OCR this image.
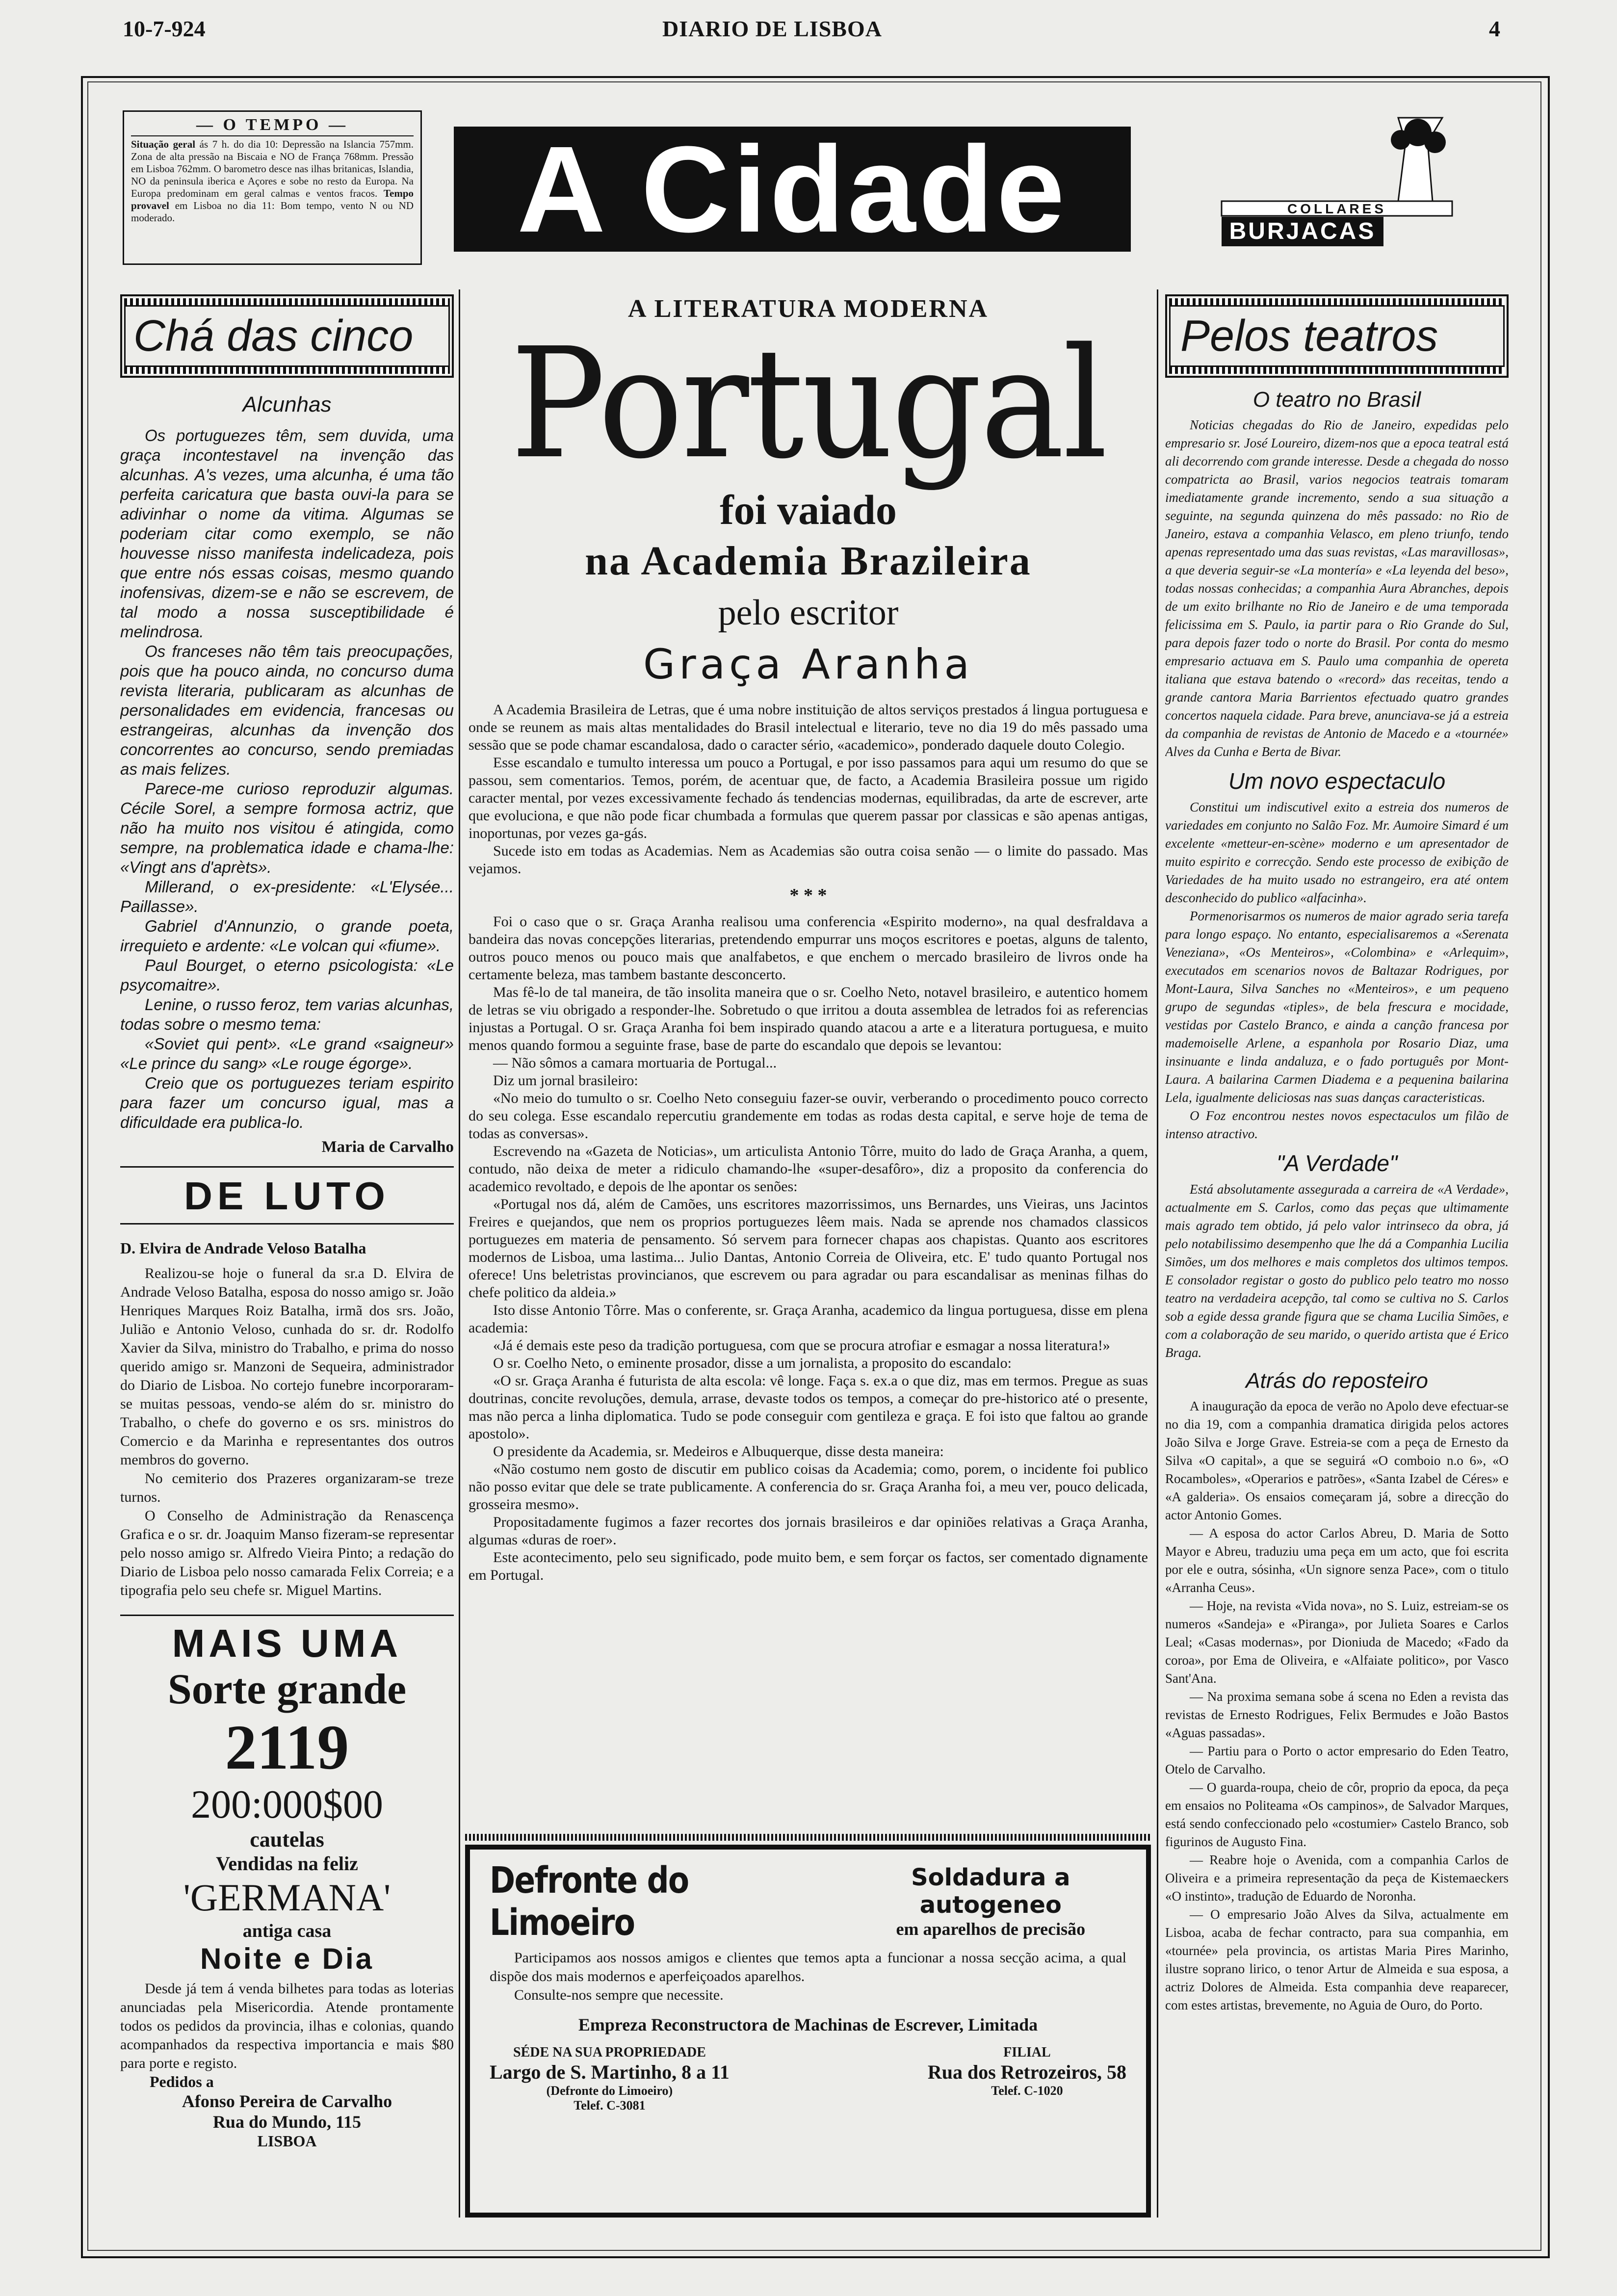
10-7-924	DIARIO DE LISBOA	4
— O TEMPO —
Situação geral ás 7 h. do dia 10: Depressão na Islancia 757mm. Zona de alta pressão na Biscaia e NO de França 768mm. Pressão em Lisboa 762mm. O barometro desce nas ilhas britanicas, Islandia, NO da peninsula iberica e Açores e sobe no resto da Europa. Na Europa predominam em geral calmas e ventos fracos. Tempo provavel em Lisboa no dia 11: Bom tempo, vento N ou ND moderado.	A Cidade	COLLARES
BURJACAS
Chá das cinco
Alcunhas

Os portuguezes têm, sem duvida, uma graça incontestavel na invenção das alcunhas. A's vezes, uma alcunha, é uma tão perfeita caricatura que basta ouvi-la para se adivinhar o nome da vitima. Algumas se poderiam citar como exemplo, se não houvesse nisso manifesta indelicadeza, pois que entre nós essas coisas, mesmo quando inofensivas, dizem-se e não se escrevem, de tal modo a nossa susceptibilidade é melindrosa.

Os franceses não têm tais preocupações, pois que ha pouco ainda, no concurso duma revista literaria, publicaram as alcunhas de personalidades em evidencia, francesas ou estrangeiras, alcunhas da invenção dos concorrentes ao concurso, sendo premiadas as mais felizes.

Parece-me curioso reproduzir algumas. Cécile Sorel, a sempre formosa actriz, que não ha muito nos visitou é atingida, como sempre, na problematica idade e chama-lhe: «Vingt ans d'aprèts».

Millerand, o ex-presidente: «L'Elysée... Paillasse».

Gabriel d'Annunzio, o grande poeta, irrequieto e ardente: «Le volcan qui «fiume».

Paul Bourget, o eterno psicologista: «Le psycomaitre».

Lenine, o russo feroz, tem varias alcunhas, todas sobre o mesmo tema:

«Soviet qui pent». «Le grand «saigneur» «Le prince du sang» «Le rouge égorge».

Creio que os portuguezes teriam espirito para fazer um concurso igual, mas a dificuldade era publica-lo.

Maria de Carvalho
DE LUTO
D. Elvira de Andrade Veloso Batalha

Realizou-se hoje o funeral da sr.a D. Elvira de Andrade Veloso Batalha, esposa do nosso amigo sr. João Henriques Marques Roiz Batalha, irmã dos srs. João, Julião e Antonio Veloso, cunhada do sr. dr. Rodolfo Xavier da Silva, ministro do Trabalho, e prima do nosso querido amigo sr. Manzoni de Sequeira, administrador do Diario de Lisboa. No cortejo funebre incorporaram-se muitas pessoas, vendo-se além do sr. ministro do Trabalho, o chefe do governo e os srs. ministros do Comercio e da Marinha e representantes dos outros membros do governo.

No cemiterio dos Prazeres organizaram-se treze turnos.

O Conselho de Administração da Renascença Grafica e o sr. dr. Joaquim Manso fizeram-se representar pelo nosso amigo sr. Alfredo Vieira Pinto; a redação do Diario de Lisboa pelo nosso camarada Felix Correia; e a tipografia pelo seu chefe sr. Miguel Martins.

MAIS UMA
Sorte grande
2119
200:000$00
cautelas
Vendidas na feliz
'GERMANA'
antiga casa
Noite e Dia

Desde já tem á venda bilhetes para todas as loterias anunciadas pela Misericordia. Atende prontamente todos os pedidos da provincia, ilhas e colonias, quando acompanhados da respectiva importancia e mais $80 para porte e registo.

Pedidos a
Afonso Pereira de Carvalho
Rua do Mundo, 115
LISBOA
A LITERATURA MODERNA
Portugal
foi vaiado
na Academia Brazileira
pelo escritor
Graça Aranha

A Academia Brasileira de Letras, que é uma nobre instituição de altos serviços prestados á lingua portuguesa e onde se reunem as mais altas mentalidades do Brasil intelectual e literario, teve no dia 19 do mês passado uma sessão que se pode chamar escandalosa, dado o caracter sério, «academico», ponderado daquele douto Colegio.

Esse escandalo e tumulto interessa um pouco a Portugal, e por isso passamos para aqui um resumo do que se passou, sem comentarios. Temos, porém, de acentuar que, de facto, a Academia Brasileira possue um rigido caracter mental, por vezes excessivamente fechado ás tendencias modernas, equilibradas, da arte de escrever, arte que evoluciona, e que não pode ficar chumbada a formulas que querem passar por classicas e são apenas antigas, inoportunas, por vezes ga-gás.

Sucede isto em todas as Academias. Nem as Academias são outra coisa senão — o limite do passado. Mas vejamos.

* * *

Foi o caso que o sr. Graça Aranha realisou uma conferencia «Espirito moderno», na qual desfraldava a bandeira das novas concepções literarias, pretendendo empurrar uns moços escritores e poetas, alguns de talento, outros pouco menos ou pouco mais que analfabetos, e que enchem o mercado brasileiro de livros onde ha certamente beleza, mas tambem bastante desconcerto.

Mas fê-lo de tal maneira, de tão insolita maneira que o sr. Coelho Neto, notavel brasileiro, e autentico homem de letras se viu obrigado a responder-lhe. Sobretudo o que irritou a douta assemblea de letrados foi as referencias injustas a Portugal. O sr. Graça Aranha foi bem inspirado quando atacou a arte e a literatura portuguesa, e muito menos quando formou a seguinte frase, base de parte do escandalo que depois se levantou:

— Não sômos a camara mortuaria de Portugal...

Diz um jornal brasileiro:

«No meio do tumulto o sr. Coelho Neto conseguiu fazer-se ouvir, verberando o procedimento pouco correcto do seu colega. Esse escandalo repercutiu grandemente em todas as rodas desta capital, e serve hoje de tema de todas as conversas».

Escrevendo na «Gazeta de Noticias», um articulista Antonio Tôrre, muito do lado de Graça Aranha, a quem, contudo, não deixa de meter a ridiculo chamando-lhe «super-desafôro», diz a proposito da conferencia do academico revoltado, e depois de lhe apontar os senões:

«Portugal nos dá, além de Camões, uns escritores mazorrissimos, uns Bernardes, uns Vieiras, uns Jacintos Freires e quejandos, que nem os proprios portuguezes lêem mais. Nada se aprende nos chamados classicos portuguezes em materia de pensamento. Só servem para fornecer chapas aos chapistas. Quanto aos escritores modernos de Lisboa, uma lastima... Julio Dantas, Antonio Correia de Oliveira, etc. E' tudo quanto Portugal nos oferece! Uns beletristas provincianos, que escrevem ou para agradar ou para escandalisar as meninas filhas do chefe politico da aldeia.»

Isto disse Antonio Tôrre. Mas o conferente, sr. Graça Aranha, academico da lingua portuguesa, disse em plena academia:

«Já é demais este peso da tradição portuguesa, com que se procura atrofiar e esmagar a nossa literatura!»

O sr. Coelho Neto, o eminente prosador, disse a um jornalista, a proposito do escandalo:

«O sr. Graça Aranha é futurista de alta escola: vê longe. Faça s. ex.a o que diz, mas em termos. Pregue as suas doutrinas, concite revoluções, demula, arrase, devaste todos os tempos, a começar do pre-historico até o presente, mas não perca a linha diplomatica. Tudo se pode conseguir com gentileza e graça. E foi isto que faltou ao grande apostolo».

O presidente da Academia, sr. Medeiros e Albuquerque, disse desta maneira:

«Não costumo nem gosto de discutir em publico coisas da Academia; como, porem, o incidente foi publico não posso evitar que dele se trate publicamente. A conferencia do sr. Graça Aranha foi, a meu ver, pouco delicada, grosseira mesmo».

Propositadamente fugimos a fazer recortes dos jornais brasileiros e dar opiniões relativas a Graça Aranha, algumas «duras de roer».

Este acontecimento, pelo seu significado, pode muito bem, e sem forçar os factos, ser comentado dignamente em Portugal.

Defronte do Limoeiro
Soldadura a autogeneo
em aparelhos de precisão

Participamos aos nossos amigos e clientes que temos apta a funcionar a nossa secção acima, a qual dispõe dos mais modernos e aperfeiçoados aparelhos.

Consulte-nos sempre que necessite.

Empreza Reconstructora de Machinas de Escrever, Limitada
SÉDE NA SUA PROPRIEDADE
Largo de S. Martinho, 8 a 11
(Defronte do Limoeiro)
Telef. C-3081
FILIAL
Rua dos Retrozeiros, 58
Telef. C-1020
Pelos teatros
O teatro no Brasil

Noticias chegadas do Rio de Janeiro, expedidas pelo empresario sr. José Loureiro, dizem-nos que a epoca teatral está ali decorrendo com grande interesse. Desde a chegada do nosso compatricta ao Brasil, varios negocios teatrais tomaram imediatamente grande incremento, sendo a sua situação a seguinte, na segunda quinzena do mês passado: no Rio de Janeiro, estava a companhia Velasco, em pleno triunfo, tendo apenas representado uma das suas revistas, «Las maravillosas», a que deveria seguir-se «La montería» e «La leyenda del beso», todas nossas conhecidas; a companhia Aura Abranches, depois de um exito brilhante no Rio de Janeiro e de uma temporada felicissima em S. Paulo, ia partir para o Rio Grande do Sul, para depois fazer todo o norte do Brasil. Por conta do mesmo empresario actuava em S. Paulo uma companhia de opereta italiana que estava batendo o «record» das receitas, tendo a grande cantora Maria Barrientos efectuado quatro grandes concertos naquela cidade. Para breve, anunciava-se já a estreia da companhia de revistas de Antonio de Macedo e a «tournée» Alves da Cunha e Berta de Bivar.

Um novo espectaculo

Constitui um indiscutivel exito a estreia dos numeros de variedades em conjunto no Salão Foz. Mr. Aumoire Simard é um excelente «metteur-en-scène» moderno e um apresentador de muito espirito e correcção. Sendo este processo de exibição de Variedades de ha muito usado no estrangeiro, era até ontem desconhecido do publico «alfacinha».

Pormenorisarmos os numeros de maior agrado seria tarefa para longo espaço. No entanto, especialisaremos a «Serenata Veneziana», «Os Menteiros», «Colombina» e «Arlequim», executados em scenarios novos de Baltazar Rodrigues, por Mont-Laura, Silva Sanches no «Menteiros», e um pequeno grupo de segundas «tiples», de bela frescura e mocidade, vestidas por Castelo Branco, e ainda a canção francesa por mademoiselle Arlene, a espanhola por Rosario Diaz, uma insinuante e linda andaluza, e o fado português por Mont-Laura. A bailarina Carmen Diadema e a pequenina bailarina Lela, igualmente deliciosas nas suas danças caracteristicas.

O Foz encontrou nestes novos espectaculos um filão de intenso atractivo.

"A Verdade"

Está absolutamente assegurada a carreira de «A Verdade», actualmente em S. Carlos, como das peças que ultimamente mais agrado tem obtido, já pelo valor intrinseco da obra, já pelo notabilissimo desempenho que lhe dá a Companhia Lucilia Simões, um dos melhores e mais completos dos ultimos tempos. E consolador registar o gosto do publico pelo teatro mo nosso teatro na verdadeira acepção, tal como se cultiva no S. Carlos sob a egide dessa grande figura que se chama Lucilia Simões, e com a colaboração de seu marido, o querido artista que é Erico Braga.

Atrás do reposteiro

A inauguração da epoca de verão no Apolo deve efectuar-se no dia 19, com a companhia dramatica dirigida pelos actores João Silva e Jorge Grave. Estreia-se com a peça de Ernesto da Silva «O capital», a que se seguirá «O comboio n.o 6», «O Rocamboles», «Operarios e patrões», «Santa Izabel de Céres» e «A galderia». Os ensaios começaram já, sobre a direcção do actor Antonio Gomes.

— A esposa do actor Carlos Abreu, D. Maria de Sotto Mayor e Abreu, traduziu uma peça em um acto, que foi escrita por ele e outra, sósinha, «Un signore senza Pace», com o titulo «Arranha Ceus».

— Hoje, na revista «Vida nova», no S. Luiz, estreiam-se os numeros «Sandeja» e «Piranga», por Julieta Soares e Carlos Leal; «Casas modernas», por Dioniuda de Macedo; «Fado da coroa», por Ema de Oliveira, e «Alfaiate politico», por Vasco Sant'Ana.

— Na proxima semana sobe á scena no Eden a revista das revistas de Ernesto Rodrigues, Felix Bermudes e João Bastos «Aguas passadas».

— Partiu para o Porto o actor empresario do Eden Teatro, Otelo de Carvalho.

— O guarda-roupa, cheio de côr, proprio da epoca, da peça em ensaios no Politeama «Os campinos», de Salvador Marques, está sendo confeccionado pelo «costumier» Castelo Branco, sob figurinos de Augusto Fina.

— Reabre hoje o Avenida, com a companhia Carlos de Oliveira e a primeira representação da peça de Kistemaeckers «O instinto», tradução de Eduardo de Noronha.

— O empresario João Alves da Silva, actualmente em Lisboa, acaba de fechar contracto, para sua companhia, em «tournée» pela provincia, os artistas Maria Pires Marinho, ilustre soprano lirico, o tenor Artur de Almeida e sua esposa, a actriz Dolores de Almeida. Esta companhia deve reaparecer, com estes artistas, brevemente, no Aguia de Ouro, do Porto.
